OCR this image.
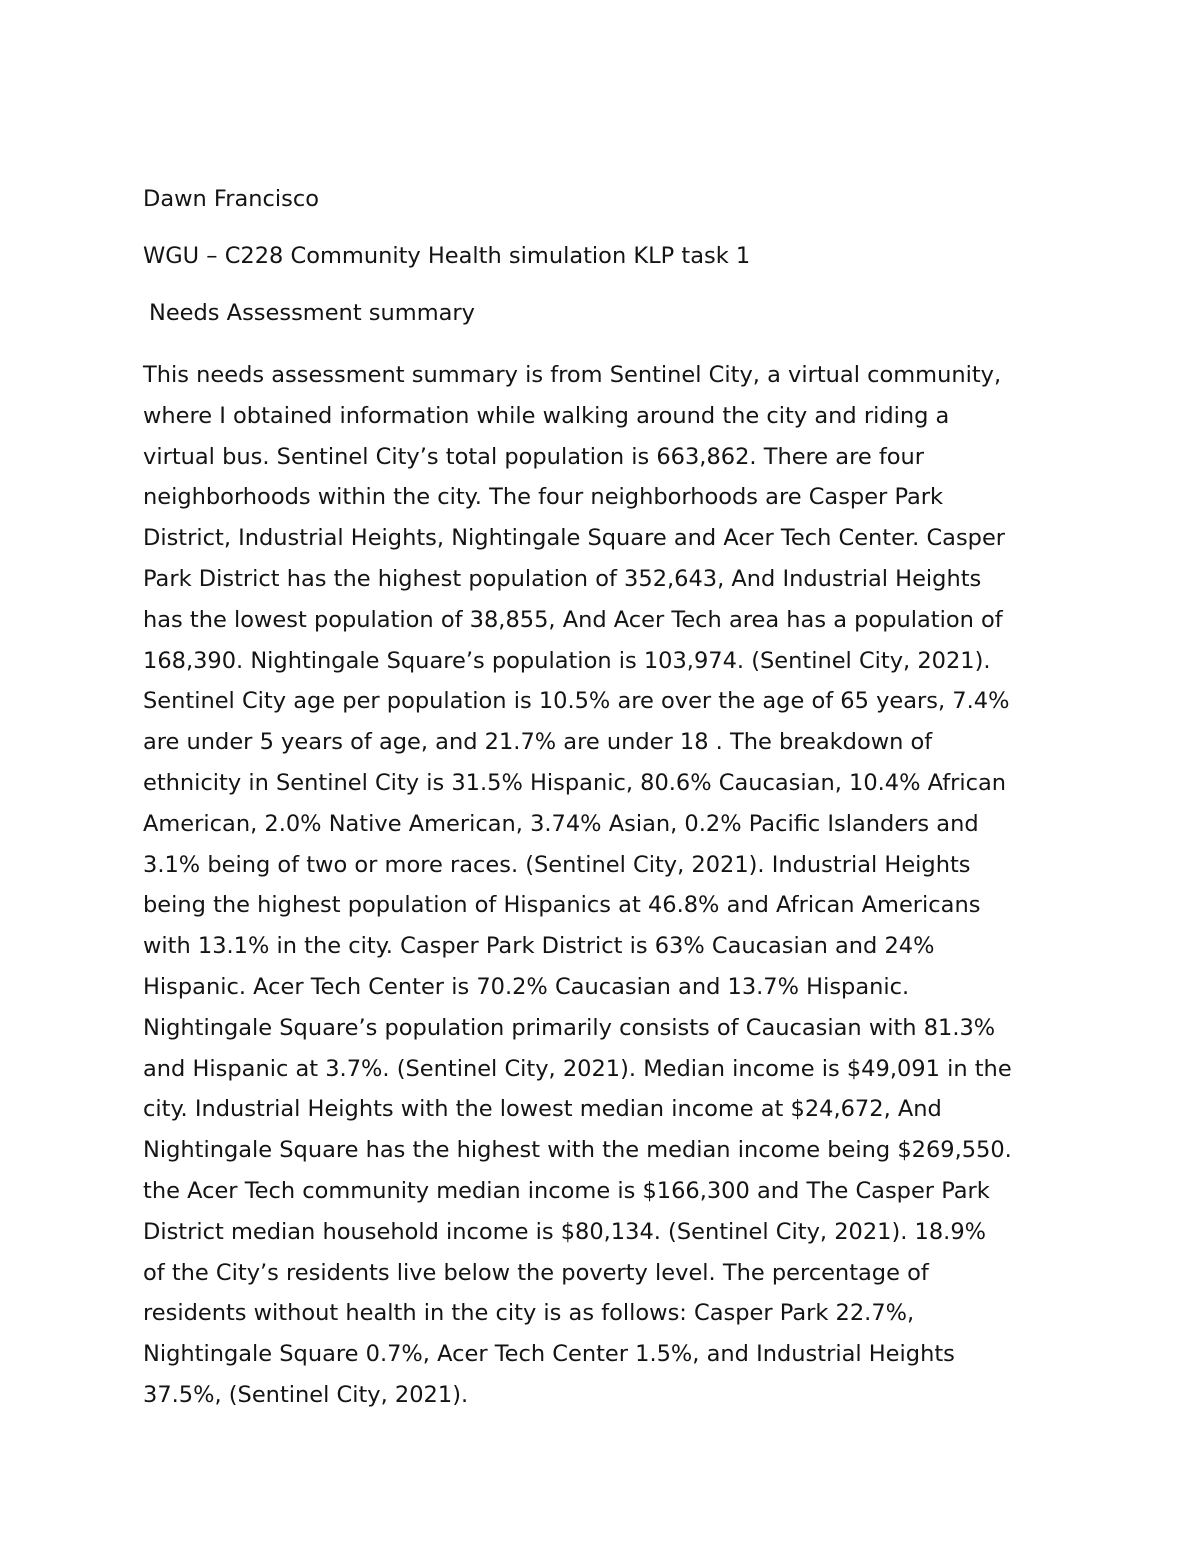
Dawn Francisco

WGU – C228 Community Health simulation KLP task 1

Needs Assessment summary

This needs assessment summary is from Sentinel City, a virtual community,
where I obtained information while walking around the city and riding a
virtual bus. Sentinel City’s total population is 663,862. There are four
neighborhoods within the city. The four neighborhoods are Casper Park
District, Industrial Heights, Nightingale Square and Acer Tech Center. Casper
Park District has the highest population of 352,643, And Industrial Heights
has the lowest population of 38,855, And Acer Tech area has a population of
168,390. Nightingale Square’s population is 103,974. (Sentinel City, 2021).
Sentinel City age per population is 10.5% are over the age of 65 years, 7.4%
are under 5 years of age, and 21.7% are under 18 . The breakdown of
ethnicity in Sentinel City is 31.5% Hispanic, 80.6% Caucasian, 10.4% African
American, 2.0% Native American, 3.74% Asian, 0.2% Pacific Islanders and
3.1% being of two or more races. (Sentinel City, 2021). Industrial Heights
being the highest population of Hispanics at 46.8% and African Americans
with 13.1% in the city. Casper Park District is 63% Caucasian and 24%
Hispanic. Acer Tech Center is 70.2% Caucasian and 13.7% Hispanic.
Nightingale Square’s population primarily consists of Caucasian with 81.3%
and Hispanic at 3.7%. (Sentinel City, 2021). Median income is $49,091 in the
city. Industrial Heights with the lowest median income at $24,672, And
Nightingale Square has the highest with the median income being $269,550.
the Acer Tech community median income is $166,300 and The Casper Park
District median household income is $80,134. (Sentinel City, 2021). 18.9%
of the City’s residents live below the poverty level. The percentage of
residents without health in the city is as follows: Casper Park 22.7%,
Nightingale Square 0.7%, Acer Tech Center 1.5%, and Industrial Heights
37.5%, (Sentinel City, 2021).
